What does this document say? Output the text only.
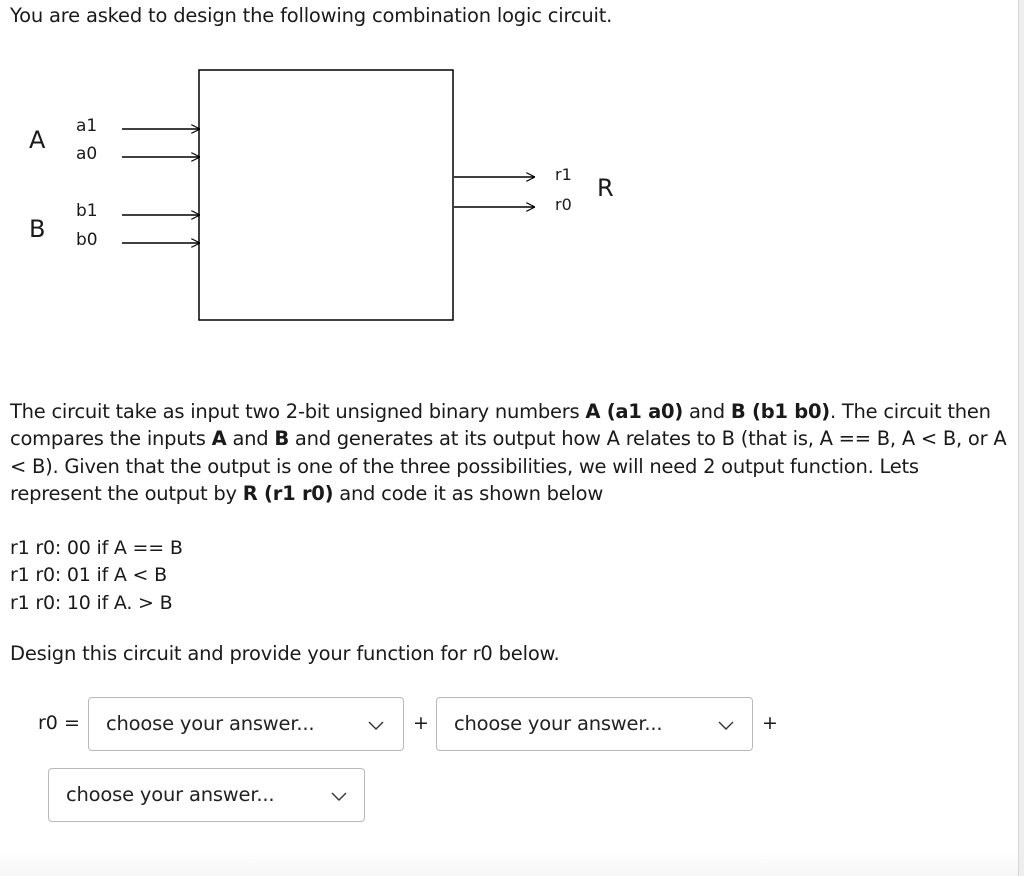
You are asked to design the following combination logic circuit.
A a1
a0
B
b1
b0
r1
r0
R
The circuit take as input two 2-bit unsigned binary numbers A (a1 a0) and B (b1 b0). The circuit then compares the inputs A and B and generates at its output how A relates to B (that is, A == B, A < B, or A < B). Given that the output is one of the three possibilities, we will need 2 output function. Lets represent the output by R (r1 r0) and code it as shown below
r1 r0: 00 if A == B
r1 r0: 01 if A < B
r1 r0: 10 if A. > B
Design this circuit and provide your function for r0 below.
r0 = choose your answer...	+ choose your answer...	+
choose your answer...
